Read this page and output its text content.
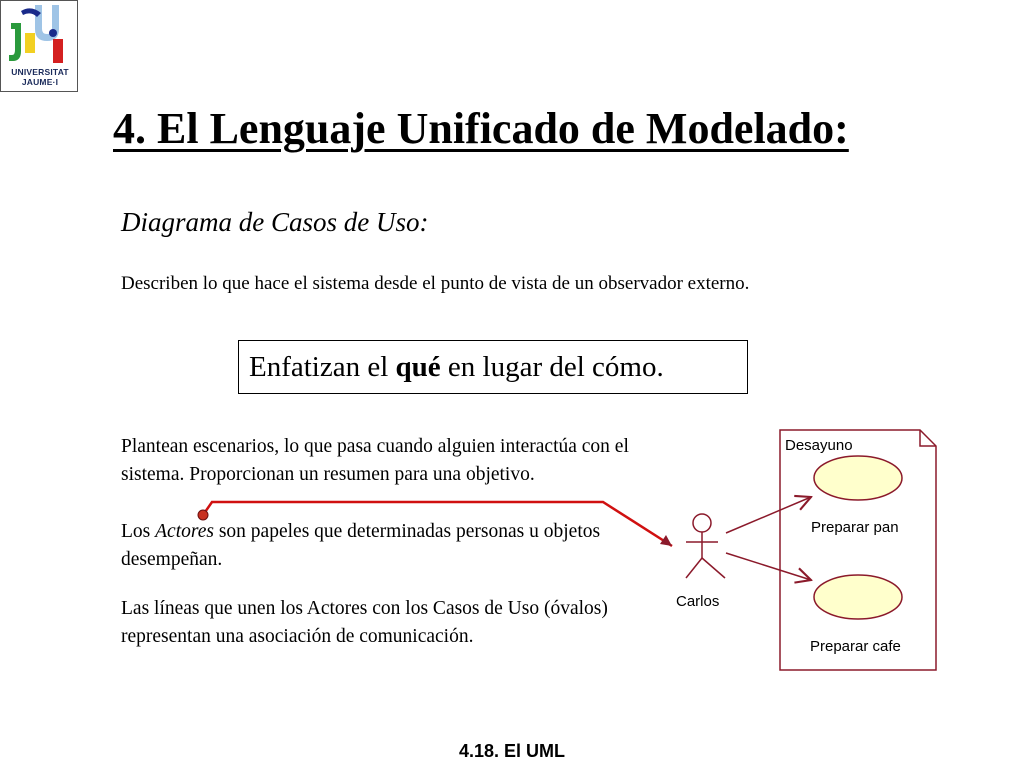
UNIVERSITAT
JAUME·I
4. El Lenguaje Unificado de Modelado:
Diagrama de Casos de Uso:
Describen lo que hace el sistema desde el punto de vista de un observador externo.
Enfatizan el qué en lugar del cómo.
Plantean escenarios, lo que pasa cuando alguien interactúa con el sistema. Proporcionan un resumen para una objetivo.
Los Actores son papeles que determinadas personas u objetos desempeñan.
Las líneas que unen los Actores con los Casos de Uso (óvalos) representan una asociación de comunicación.
Desayuno
Preparar pan
Preparar cafe
Carlos
4.18. El UML
